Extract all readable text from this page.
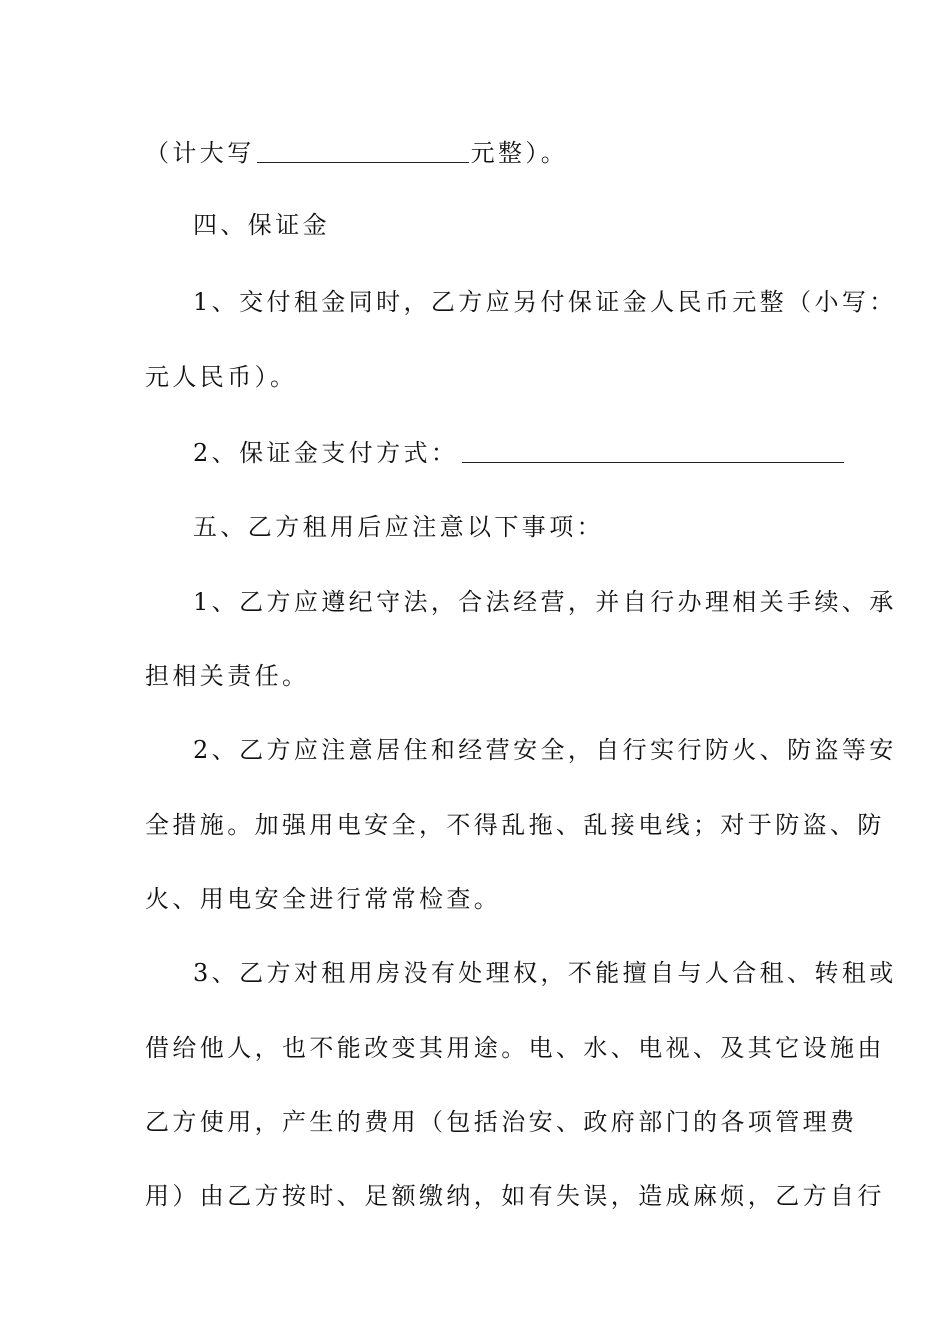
（计大写	元整）。
四、保证金
1、交付租金同时，乙方应另付保证金人民币元整（小写：
元人民币）。
2、保证金支付方式：
五、乙方租用后应注意以下事项：
1、乙方应遵纪守法，合法经营，并自行办理相关手续、承
担相关责任。
2、乙方应注意居住和经营安全，自行实行防火、防盗等安
全措施。加强用电安全，不得乱拖、乱接电线；对于防盗、防
火、用电安全进行常常检查。
3、乙方对租用房没有处理权，不能擅自与人合租、转租或
借给他人，也不能改变其用途。电、水、电视、及其它设施由
乙方使用，产生的费用（包括治安、政府部门的各项管理费
用）由乙方按时、足额缴纳，如有失误，造成麻烦，乙方自行
